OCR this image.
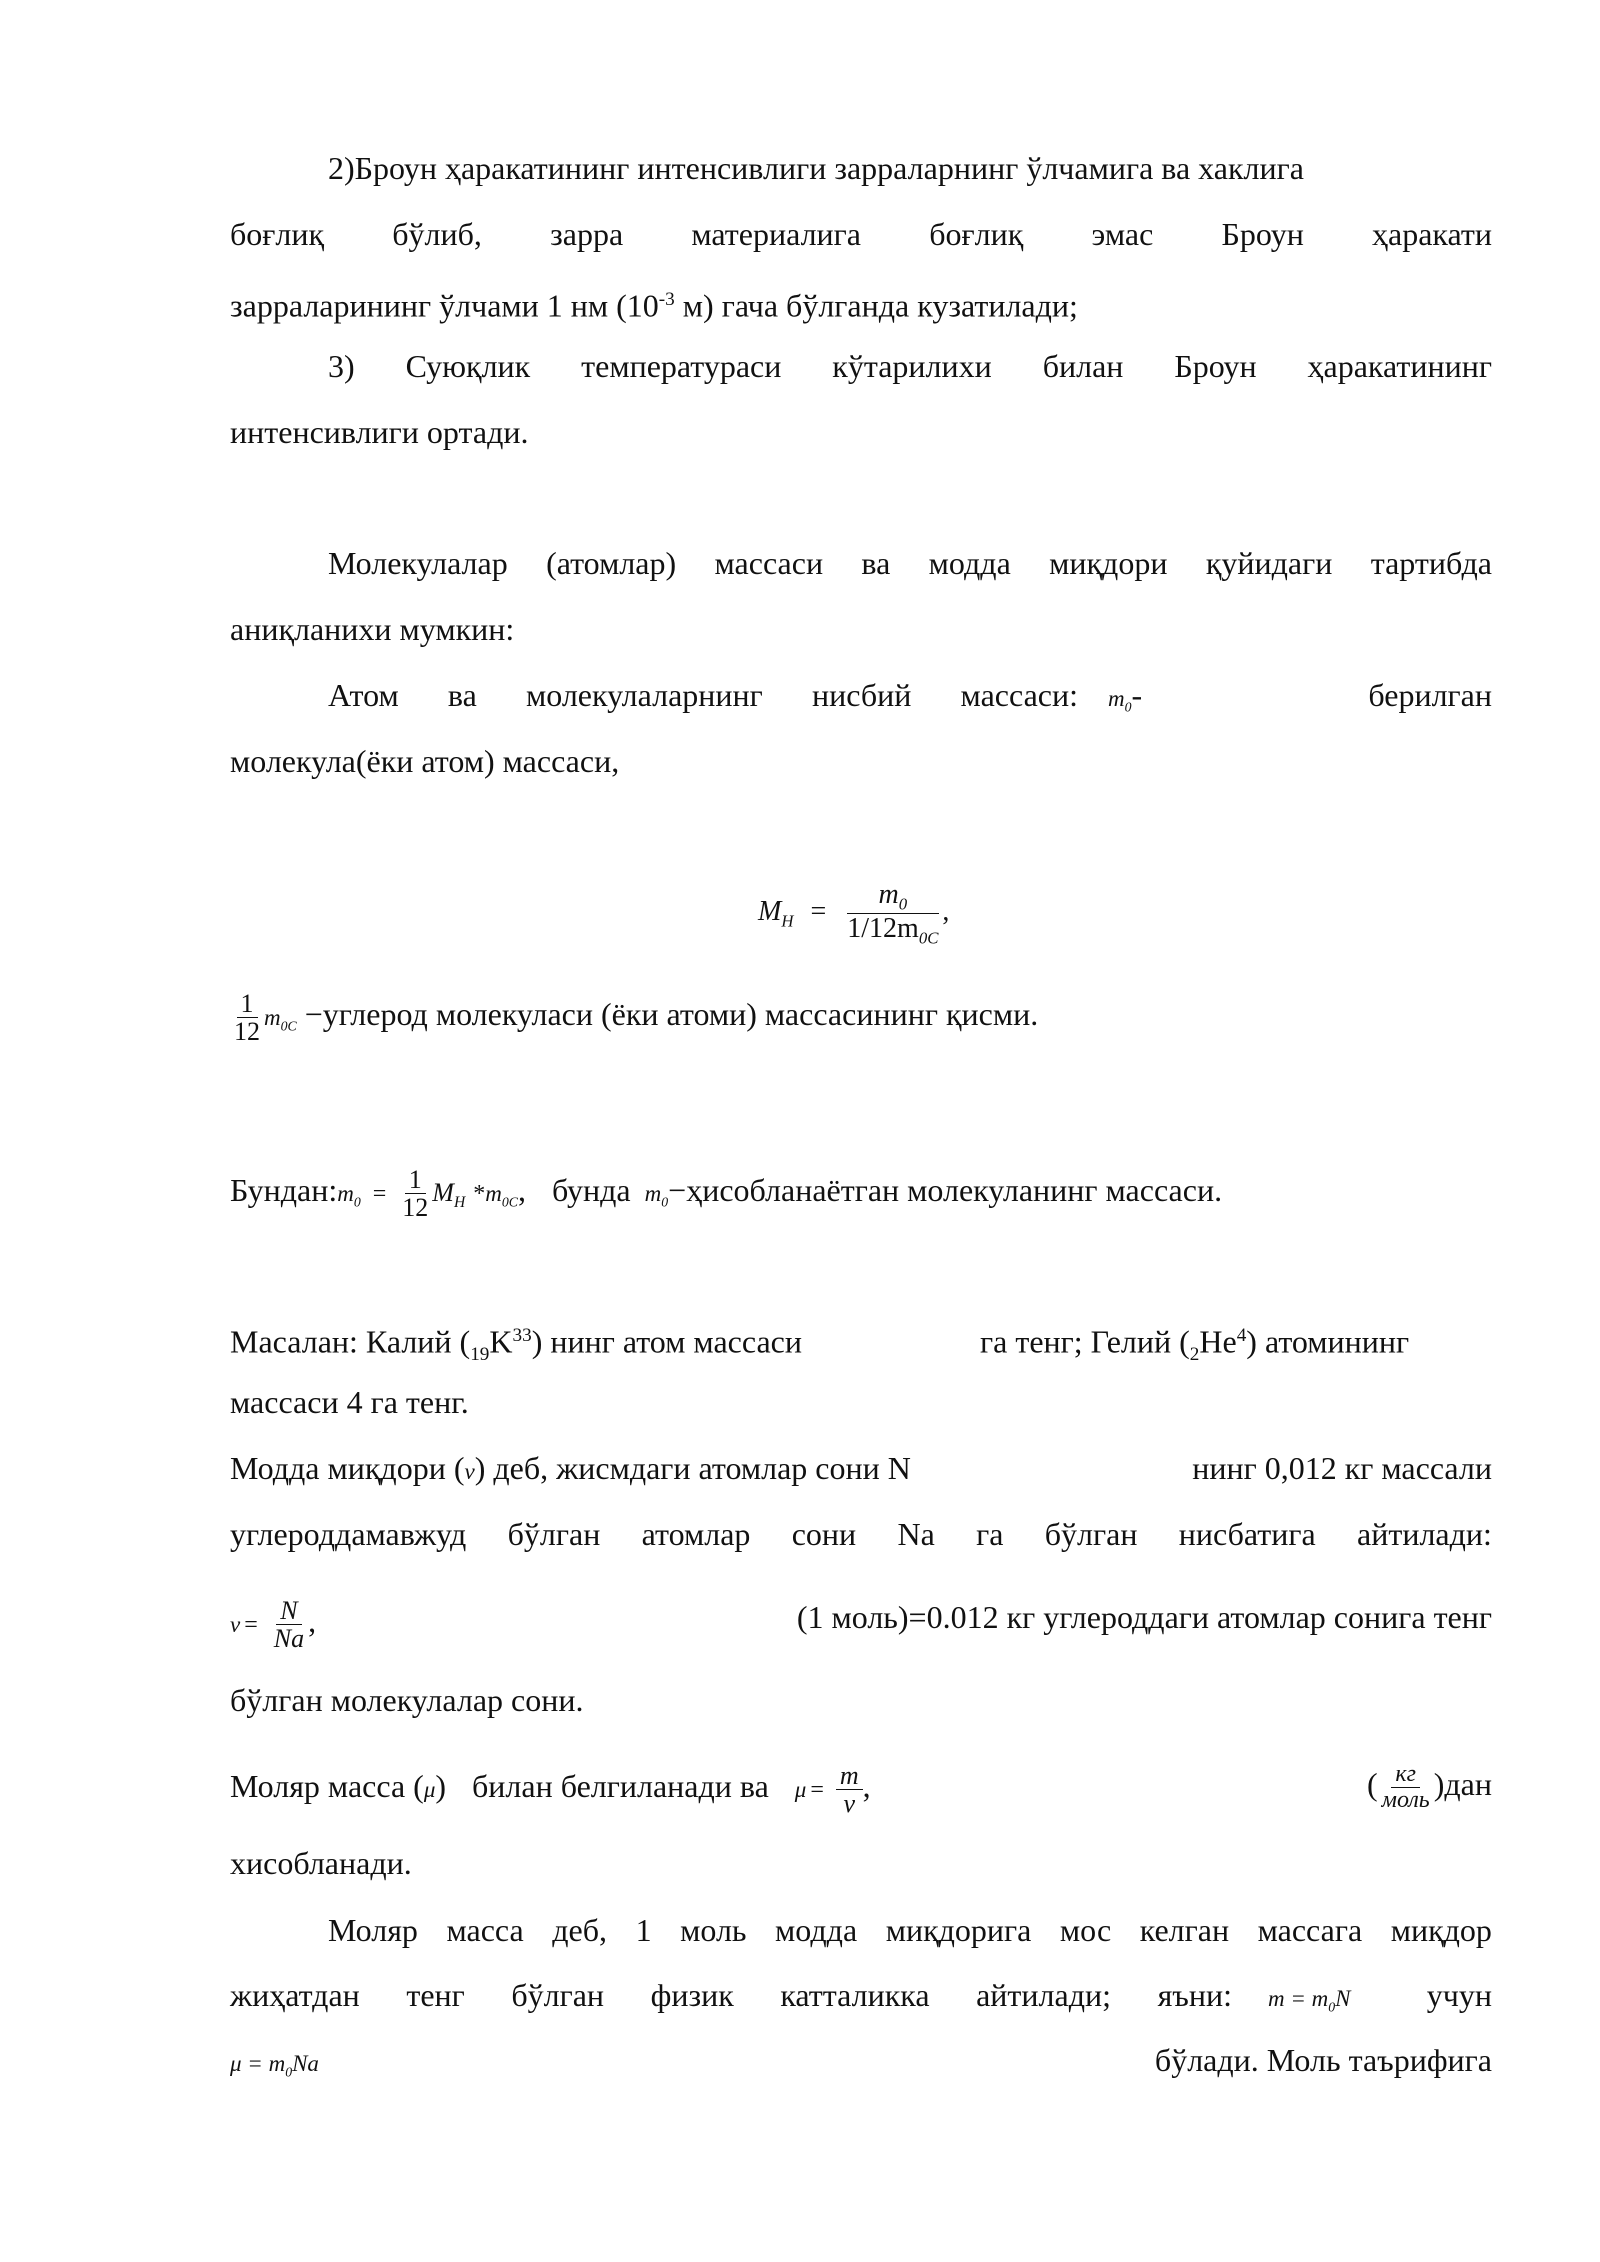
2)Броун ҳаракатининг интенсивлиги зарраларнинг ўлчамига ва хаклига
боғлиқ бўлиб, зарра материалига боғлиқ эмас Броун ҳаракати
зарраларининг ўлчами 1 нм ($10^{-3}$ м) гача бўлганда кузатилади;
3) Суюқлик температураси кўтарилихи билан Броун ҳаракатининг
интенсивлиги ортади.
Молекулалар (атомлар) массаси ва модда миқдори қуйидаги тартибда
аниқланихи мумкин:
Атом ва молекулаларнинг нисбий массаси: $m_0-$	берилган
молекула(ёки атом) массаси,
$M_H = \frac{m_0}{1/12m_{0C}}$ ,
$\frac{1}{12} m_{0C}$ −углерод молекуласи (ёки атоми) массасининг қисми.
$Бундан:m_0 = \frac{1}{12} M_H$ $*m_{0C}$, бунда $m_0-ҳисобланаётган$ молекуланинг массаси.
Масалан: Калий $(_{19}K^{33})$ нинг атом массаси	га тенг; Гелий $(_2He^4)$ атомининг
массаси 4 га тенг.
Модда миқдори (ν) деб, жисмдаги атомлар сони N	нинг 0,012 кг массали
углероддамавжуд бўлган атомлар сони Na га бўлган нисбатига айтилади:
$\nu = \frac{N}{Na}$ ,	(1 моль)=0.012 кг углероддаги атомлар сонига тенг
бўлган молекулалар сони.
Моляр масса (μ) билан белгиланади ва $\mu = \frac{m}{\nu}$ ,	( $\frac{кг}{\text{моль}} )дан$
хисобланади.
Моляр масса деб, 1 моль модда миқдорига мос келган массага миқдор
жиҳатдан тенг бўлган физик катталикка айтилади; яъни: $m = m_0N$ учун
$\mu = m_0Na$	бўлади. Моль таърифига
